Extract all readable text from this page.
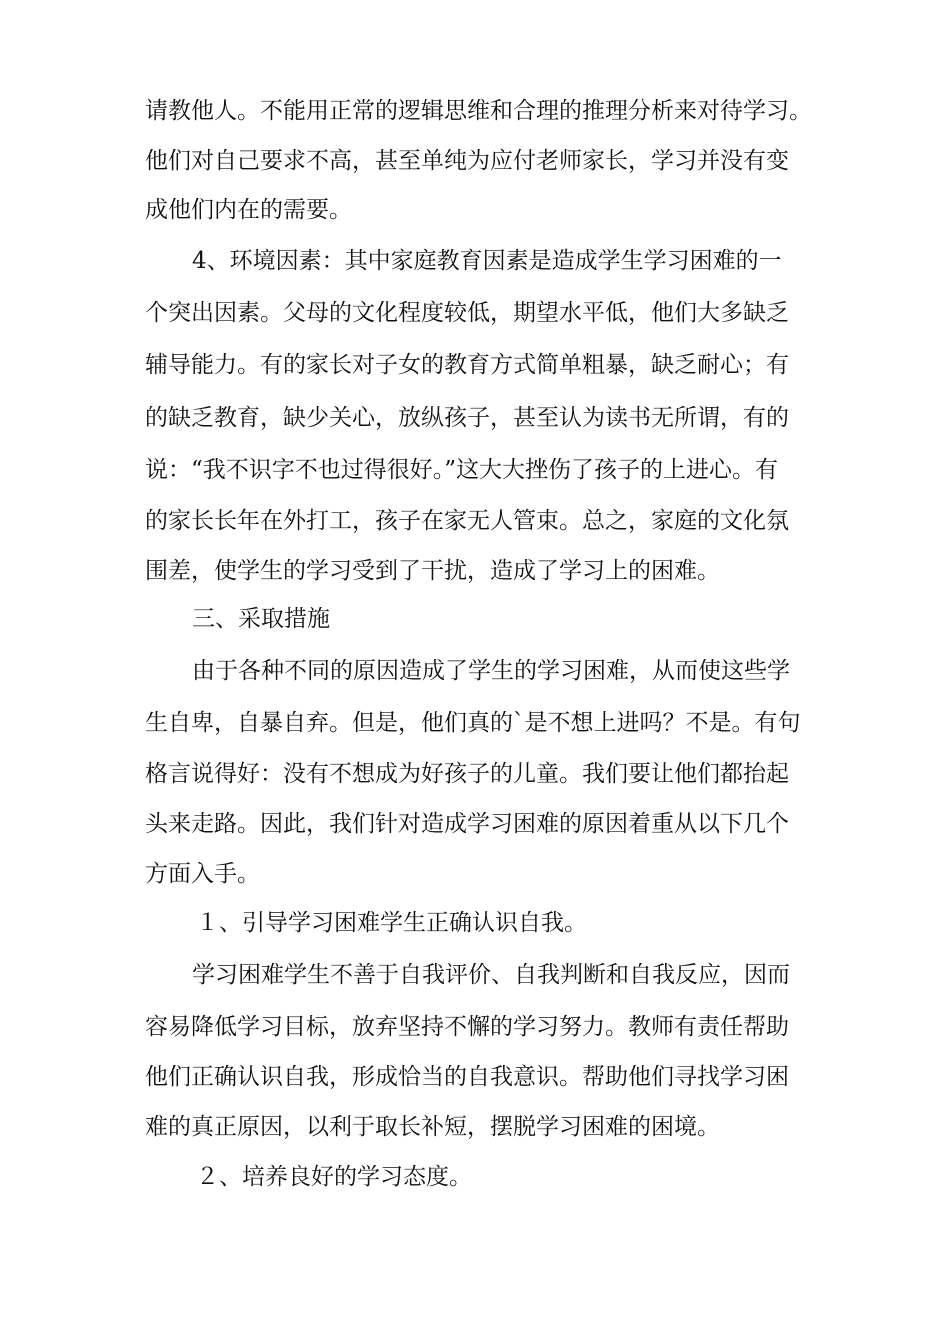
请教他人。不能用正常的逻辑思维和合理的推理分析来对待学习。
他们对自己要求不高，甚至单纯为应付老师家长，学习并没有变
成他们内在的需要。
4、环境因素：其中家庭教育因素是造成学生学习困难的一
个突出因素。父母的文化程度较低，期望水平低，他们大多缺乏
辅导能力。有的家长对子女的教育方式简单粗暴，缺乏耐心；有
的缺乏教育，缺少关心，放纵孩子，甚至认为读书无所谓，有的
说：“我不识字不也过得很好。”这大大挫伤了孩子的上进心。有
的家长长年在外打工，孩子在家无人管束。总之，家庭的文化氛
围差，使学生的学习受到了干扰，造成了学习上的困难。
三、采取措施
由于各种不同的原因造成了学生的学习困难，从而使这些学
生自卑，自暴自弃。但是，他们真的`是不想上进吗？不是。有句
格言说得好：没有不想成为好孩子的儿童。我们要让他们都抬起
头来走路。因此，我们针对造成学习困难的原因着重从以下几个
方面入手。
１、引导学习困难学生正确认识自我。
学习困难学生不善于自我评价、自我判断和自我反应，因而
容易降低学习目标，放弃坚持不懈的学习努力。教师有责任帮助
他们正确认识自我，形成恰当的自我意识。帮助他们寻找学习困
难的真正原因，以利于取长补短，摆脱学习困难的困境。
２、培养良好的学习态度。
